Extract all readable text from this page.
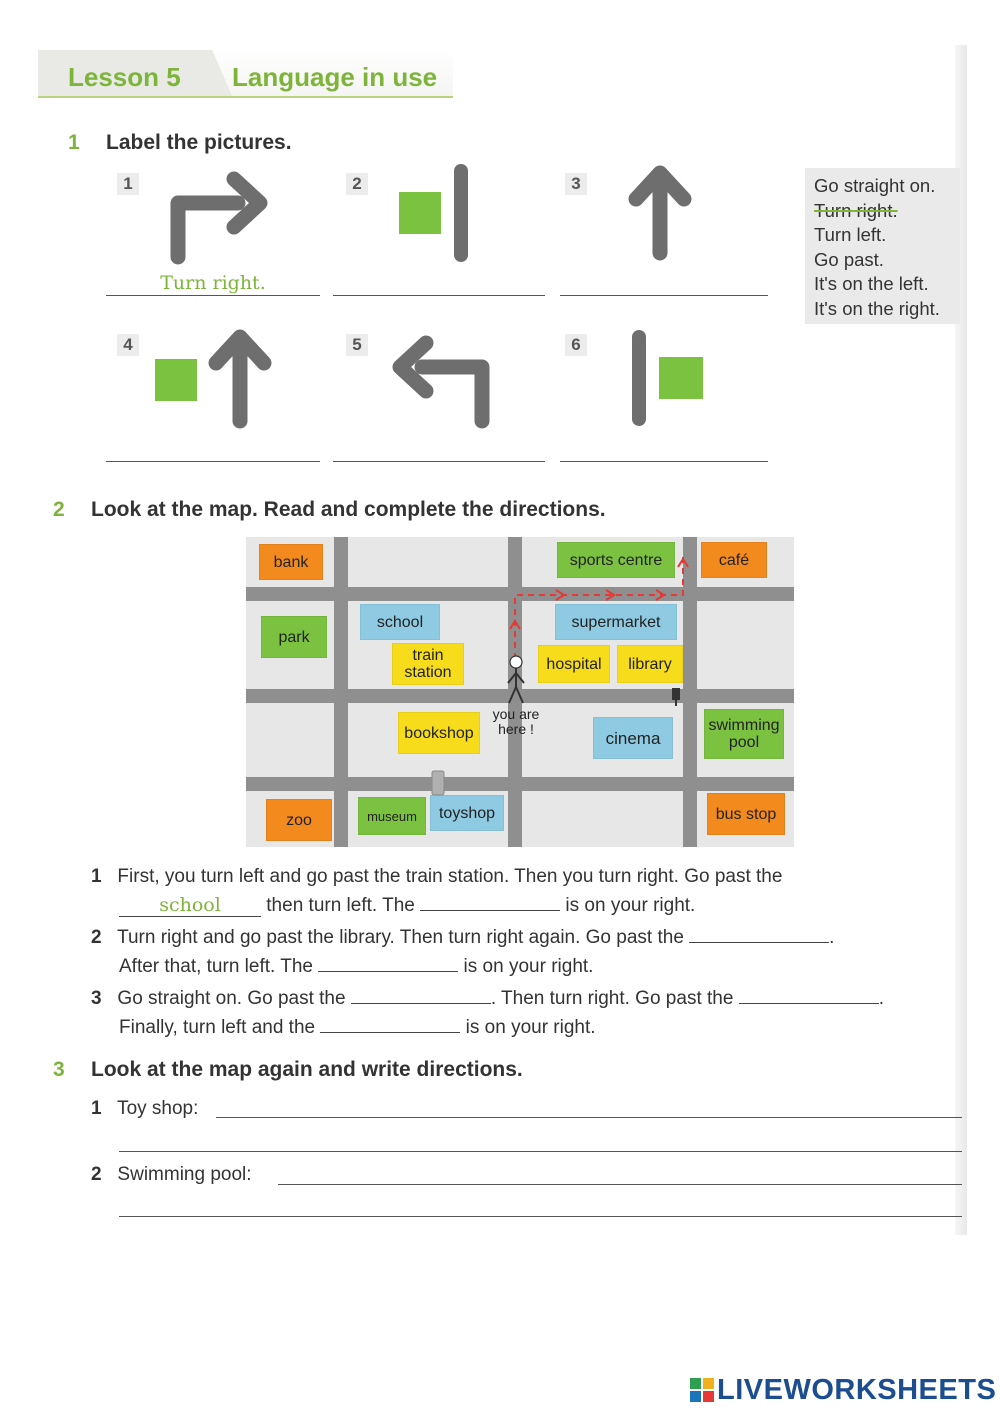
Lesson 5 Language in use
1 Label the pictures.
1
Turn right.
2	3	Go straight on.
Turn right.
Turn left.
Go past.
It's on the left.
It's on the right.
4	5	6
2 Look at the map. Read and complete the directions.
bank	sports centre	café
park
school	supermarket
train station	hospital	library
bookshop	cinema
swimming pool
zoo	museum	toyshop	bus stop
you are here !
1 First, you turn left and go past the train station. Then you turn right. Go past the
school then turn left. The	is on your right.
2 Turn right and go past the library. Then turn right again. Go past the	.
After that, turn left. The	is on your right.
3 Go straight on. Go past the	. Then turn right. Go past the	.
Finally, turn left and the	is on your right.
3 Look at the map again and write directions.
1 Toy shop:
2 Swimming pool:
LIVEWORKSHEETS
